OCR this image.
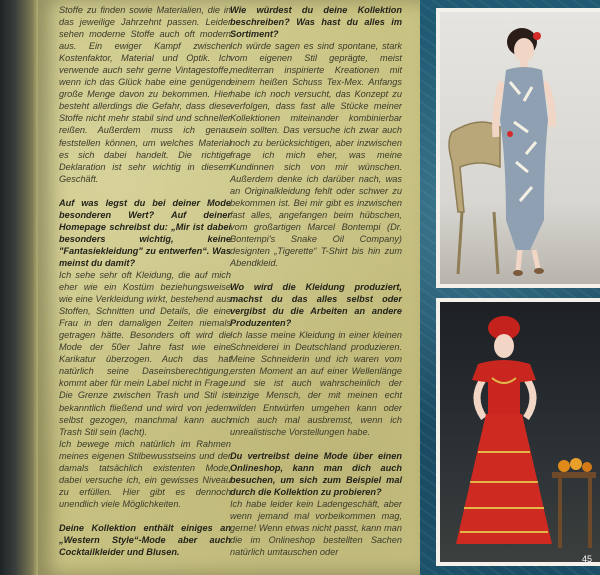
Stoffe zu finden sowie Materialien, die in das jeweilige Jahrzehnt passen. Leider sehen moderne Stoffe auch oft modern aus. Ein ewiger Kampf zwischen Kostenfaktor, Material und Optik. Ich verwende auch sehr gerne Vintagestoffe, wenn ich das Glück habe eine genügend große Menge davon zu bekommen. Hier besteht allerdings die Gefahr, dass diese Stoffe nicht mehr stabil sind und schneller reißen. Außerdem muss ich genau feststellen können, um welches Material es sich dabei handelt. Die richtige Deklaration ist sehr wichtig in diesem Geschäft.

Auf was legst du bei deiner Mode besonderen Wert? Auf deiner Homepage schreibst du: „Mir ist dabei besonders wichtig, keine "Fantasiekleidung" zu entwerfen“. Was meinst du damit?

Ich sehe sehr oft Kleidung, die auf mich eher wie ein Kostüm beziehungsweise wie eine Verkleidung wirkt, bestehend aus Stoffen, Schnitten und Details, die eine Frau in den damaligen Zeiten niemals getragen hätte. Besonders oft wird die Mode der 50er Jahre fast wie eine Karikatur überzogen. Auch das hat natürlich seine Daseinsberechtigung, kommt aber für mein Label nicht in Frage. Die Grenze zwischen Trash und Stil ist bekanntlich fließend und wird von jedem selbst gezogen, manchmal kann auch Trash Stil sein (lacht).

Ich bewege mich natürlich im Rahmen meines eigenen Stilbewusstseins und der damals tatsächlich existenten Mode, dabei versuche ich, ein gewisses Niveau zu erfüllen. Hier gibt es dennoch unendlich viele Möglichkeiten.

Deine Kollektion enthält einiges an „Western Style“-Mode aber auch Cocktailkleider und Blusen.

Wie würdest du deine Kollektion beschreiben? Was hast du alles im Sortiment?

Ich würde sagen es sind spontane, stark vom eigenen Stil geprägte, meist mediterran inspirierte Kreationen mit einem heißen Schuss Tex-Mex. Anfangs habe ich noch versucht, das Konzept zu verfolgen, dass fast alle Stücke meiner Kollektionen miteinander kombinierbar sein sollten. Das versuche ich zwar auch noch zu berücksichtigen, aber inzwischen frage ich mich eher, was meine Kundinnen sich von mir wünschen. Außerdem denke ich darüber nach, was an Originalkleidung fehlt oder schwer zu bekommen ist. Bei mir gibt es inzwischen fast alles, angefangen beim hübschen, vom großartigen Marcel Bontempi (Dr. Bontempi's Snake Oil Company) designten „Tigerette“ T-Shirt bis hin zum Abendkleid.

Wo wird die Kleidung produziert, machst du das alles selbst oder vergibst du die Arbeiten an andere Produzenten?

Ich lasse meine Kleidung in einer kleinen Schneiderei in Deutschland produzieren. Meine Schneiderin und ich waren vom ersten Moment an auf einer Wellenlänge und sie ist auch wahrscheinlich der einzige Mensch, der mit meinen echt wilden Entwürfen umgehen kann oder mich auch mal ausbremst, wenn ich unrealistische Vorstellungen habe.

Du vertreibst deine Mode über einen Onlineshop, kann man dich auch besuchen, um sich zum Beispiel mal durch die Kollektion zu probieren?

Ich habe leider kein Ladengeschäft, aber wenn jemand mal vorbeikommen mag, gerne! Wenn etwas nicht passt, kann man die im Onlineshop bestellten Sachen natürlich umtauschen oder

45
